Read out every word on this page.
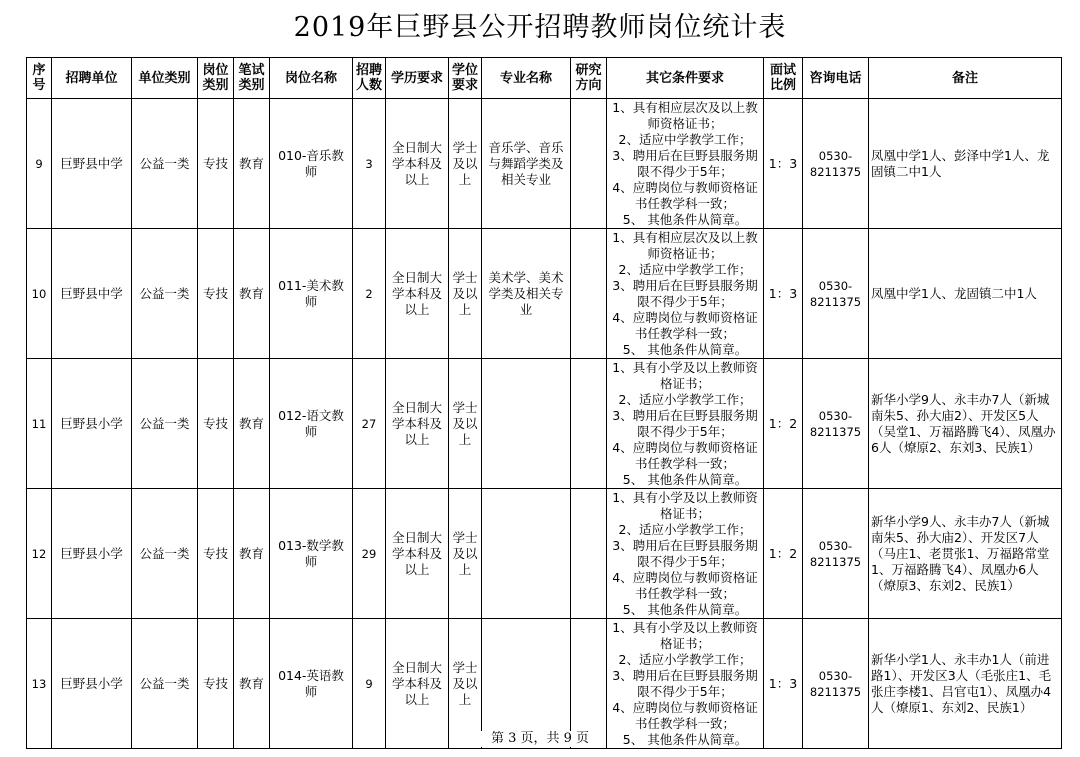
2019年巨野县公开招聘教师岗位统计表
序号	招聘单位	单位类别	岗位类别	笔试类别	岗位名称	招聘人数	学历要求	学位要求	专业名称	研究方向	其它条件要求	面试比例	咨询电话	备注
9	巨野县中学	公益一类	专技	教育	010-音乐教师	3	全日制大学本科及以上	学士及以上	音乐学、音乐与舞蹈学类及相关专业		1、具有相应层次及以上教师资格证书；
2、适应中学教学工作；
3、聘用后在巨野县服务期限不得少于5年；
4、应聘岗位与教师资格证书任教学科一致；
5、 其他条件从简章。	1：3	0530-8211375	凤凰中学1人、彭泽中学1人、龙固镇二中1人
10	巨野县中学	公益一类	专技	教育	011-美术教师	2	全日制大学本科及以上	学士及以上	美术学、美术学类及相关专业		1、具有相应层次及以上教师资格证书；
2、适应中学教学工作；
3、聘用后在巨野县服务期限不得少于5年；
4、应聘岗位与教师资格证书任教学科一致；
5、 其他条件从简章。	1：3	0530-8211375	凤凰中学1人、龙固镇二中1人
11	巨野县小学	公益一类	专技	教育	012-语文教师	27	全日制大学本科及以上	学士及以上			1、具有小学及以上教师资格证书；
2、适应小学教学工作；
3、聘用后在巨野县服务期限不得少于5年；
4、应聘岗位与教师资格证书任教学科一致；
5、 其他条件从简章。	1：2	0530-8211375	新华小学9人、永丰办7人（新城南朱5、孙大庙2）、开发区5人（吴堂1、万福路腾飞4）、凤凰办6人（燎原2、东刘3、民族1）
12	巨野县小学	公益一类	专技	教育	013-数学教师	29	全日制大学本科及以上	学士及以上			1、具有小学及以上教师资格证书；
2、适应小学教学工作；
3、聘用后在巨野县服务期限不得少于5年；
4、应聘岗位与教师资格证书任教学科一致；
5、 其他条件从简章。	1：2	0530-8211375	新华小学9人、永丰办7人（新城南朱5、孙大庙2）、开发区7人（马庄1、老贯张1、万福路常堂1、万福路腾飞4）、凤凰办6人（燎原3、东刘2、民族1）
13	巨野县小学	公益一类	专技	教育	014-英语教师	9	全日制大学本科及以上	学士及以上			1、具有小学及以上教师资格证书；
2、适应小学教学工作；
3、聘用后在巨野县服务期限不得少于5年；
4、应聘岗位与教师资格证书任教学科一致；
5、 其他条件从简章。	1：3	0530-8211375	新华小学1人、永丰办1人（前进路1）、开发区3人（毛张庄1、毛张庄李楼1、吕官屯1）、凤凰办4人（燎原1、东刘2、民族1）
第 3 页，共 9 页
